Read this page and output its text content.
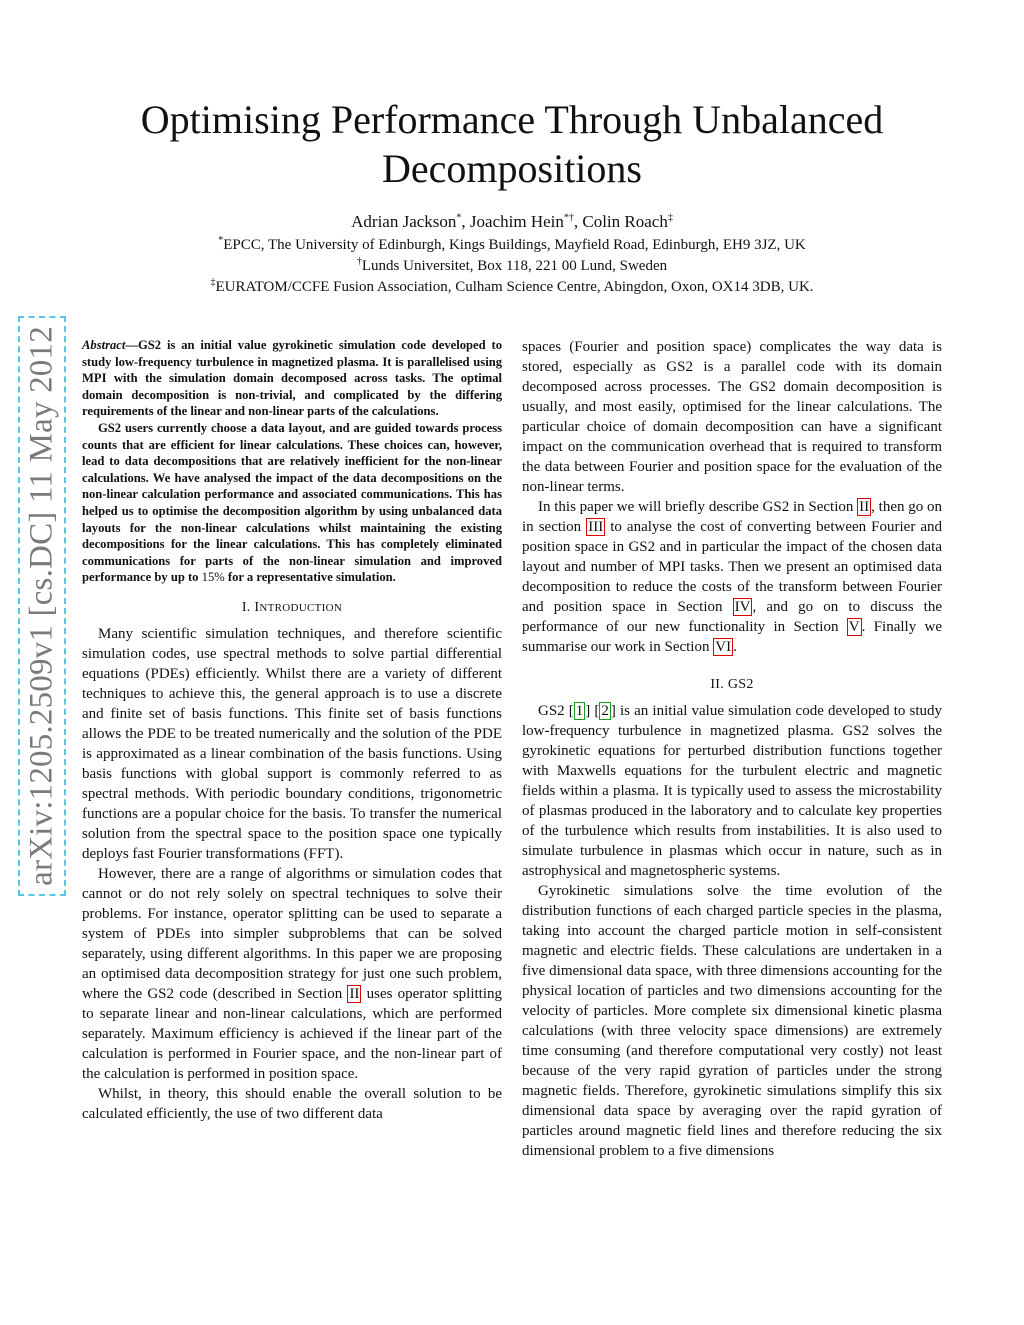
arXiv:1205.2509v1 [cs.DC] 11 May 2012
Optimising Performance Through Unbalanced Decompositions
Adrian Jackson*, Joachim Hein*†, Colin Roach‡
*EPCC, The University of Edinburgh, Kings Buildings, Mayfield Road, Edinburgh, EH9 3JZ, UK
†Lunds Universitet, Box 118, 221 00 Lund, Sweden
‡EURATOM/CCFE Fusion Association, Culham Science Centre, Abingdon, Oxon, OX14 3DB, UK.

Abstract—GS2 is an initial value gyrokinetic simulation code developed to study low-frequency turbulence in magnetized plasma. It is parallelised using MPI with the simulation domain decomposed across tasks. The optimal domain decomposition is non-trivial, and complicated by the differing requirements of the linear and non-linear parts of the calculations.

GS2 users currently choose a data layout, and are guided towards process counts that are efficient for linear calculations. These choices can, however, lead to data decompositions that are relatively inefficient for the non-linear calculations. We have analysed the impact of the data decompositions on the non-linear calculation performance and associated communications. This has helped us to optimise the decomposition algorithm by using unbalanced data layouts for the non-linear calculations whilst maintaining the existing decompositions for the linear calculations. This has completely eliminated communications for parts of the non-linear simulation and improved performance by up to 15% for a representative simulation.

I. INTRODUCTION

Many scientific simulation techniques, and therefore scientific simulation codes, use spectral methods to solve partial differential equations (PDEs) efficiently. Whilst there are a variety of different techniques to achieve this, the general approach is to use a discrete and finite set of basis functions. This finite set of basis functions allows the PDE to be treated numerically and the solution of the PDE is approximated as a linear combination of the basis functions. Using basis functions with global support is commonly referred to as spectral methods. With periodic boundary conditions, trigonometric functions are a popular choice for the basis. To transfer the numerical solution from the spectral space to the position space one typically deploys fast Fourier transformations (FFT).

However, there are a range of algorithms or simulation codes that cannot or do not rely solely on spectral techniques to solve their problems. For instance, operator splitting can be used to separate a system of PDEs into simpler subproblems that can be solved separately, using different algorithms. In this paper we are proposing an optimised data decomposition strategy for just one such problem, where the GS2 code (described in Section II uses operator splitting to separate linear and non-linear calculations, which are performed separately. Maximum efficiency is achieved if the linear part of the calculation is performed in Fourier space, and the non-linear part of the calculation is performed in position space.

Whilst, in theory, this should enable the overall solution to be calculated efficiently, the use of two different data

spaces (Fourier and position space) complicates the way data is stored, especially as GS2 is a parallel code with its domain decomposed across processes. The GS2 domain decomposition is usually, and most easily, optimised for the linear calculations. The particular choice of domain decomposition can have a significant impact on the communication overhead that is required to transform the data between Fourier and position space for the evaluation of the non-linear terms.

In this paper we will briefly describe GS2 in Section II , then go on in section III to analyse the cost of converting between Fourier and position space in GS2 and in particular the impact of the chosen data layout and number of MPI tasks. Then we present an optimised data decomposition to reduce the costs of the transform between Fourier and position space in Section IV , and go on to discuss the performance of our new functionality in Section V . Finally we summarise our work in Section VI .

II. GS2

GS2 [ 1 ] [ 2 ] is an initial value simulation code developed to study low-frequency turbulence in magnetized plasma. GS2 solves the gyrokinetic equations for perturbed distribution functions together with Maxwells equations for the turbulent electric and magnetic fields within a plasma. It is typically used to assess the microstability of plasmas produced in the laboratory and to calculate key properties of the turbulence which results from instabilities. It is also used to simulate turbulence in plasmas which occur in nature, such as in astrophysical and magnetospheric systems.

Gyrokinetic simulations solve the time evolution of the distribution functions of each charged particle species in the plasma, taking into account the charged particle motion in self-consistent magnetic and electric fields. These calculations are undertaken in a five dimensional data space, with three dimensions accounting for the physical location of particles and two dimensions accounting for the velocity of particles. More complete six dimensional kinetic plasma calculations (with three velocity space dimensions) are extremely time consuming (and therefore computational very costly) not least because of the very rapid gyration of particles under the strong magnetic fields. Therefore, gyrokinetic simulations simplify this six dimensional data space by averaging over the rapid gyration of particles around magnetic field lines and therefore reducing the six dimensional problem to a five dimensions
